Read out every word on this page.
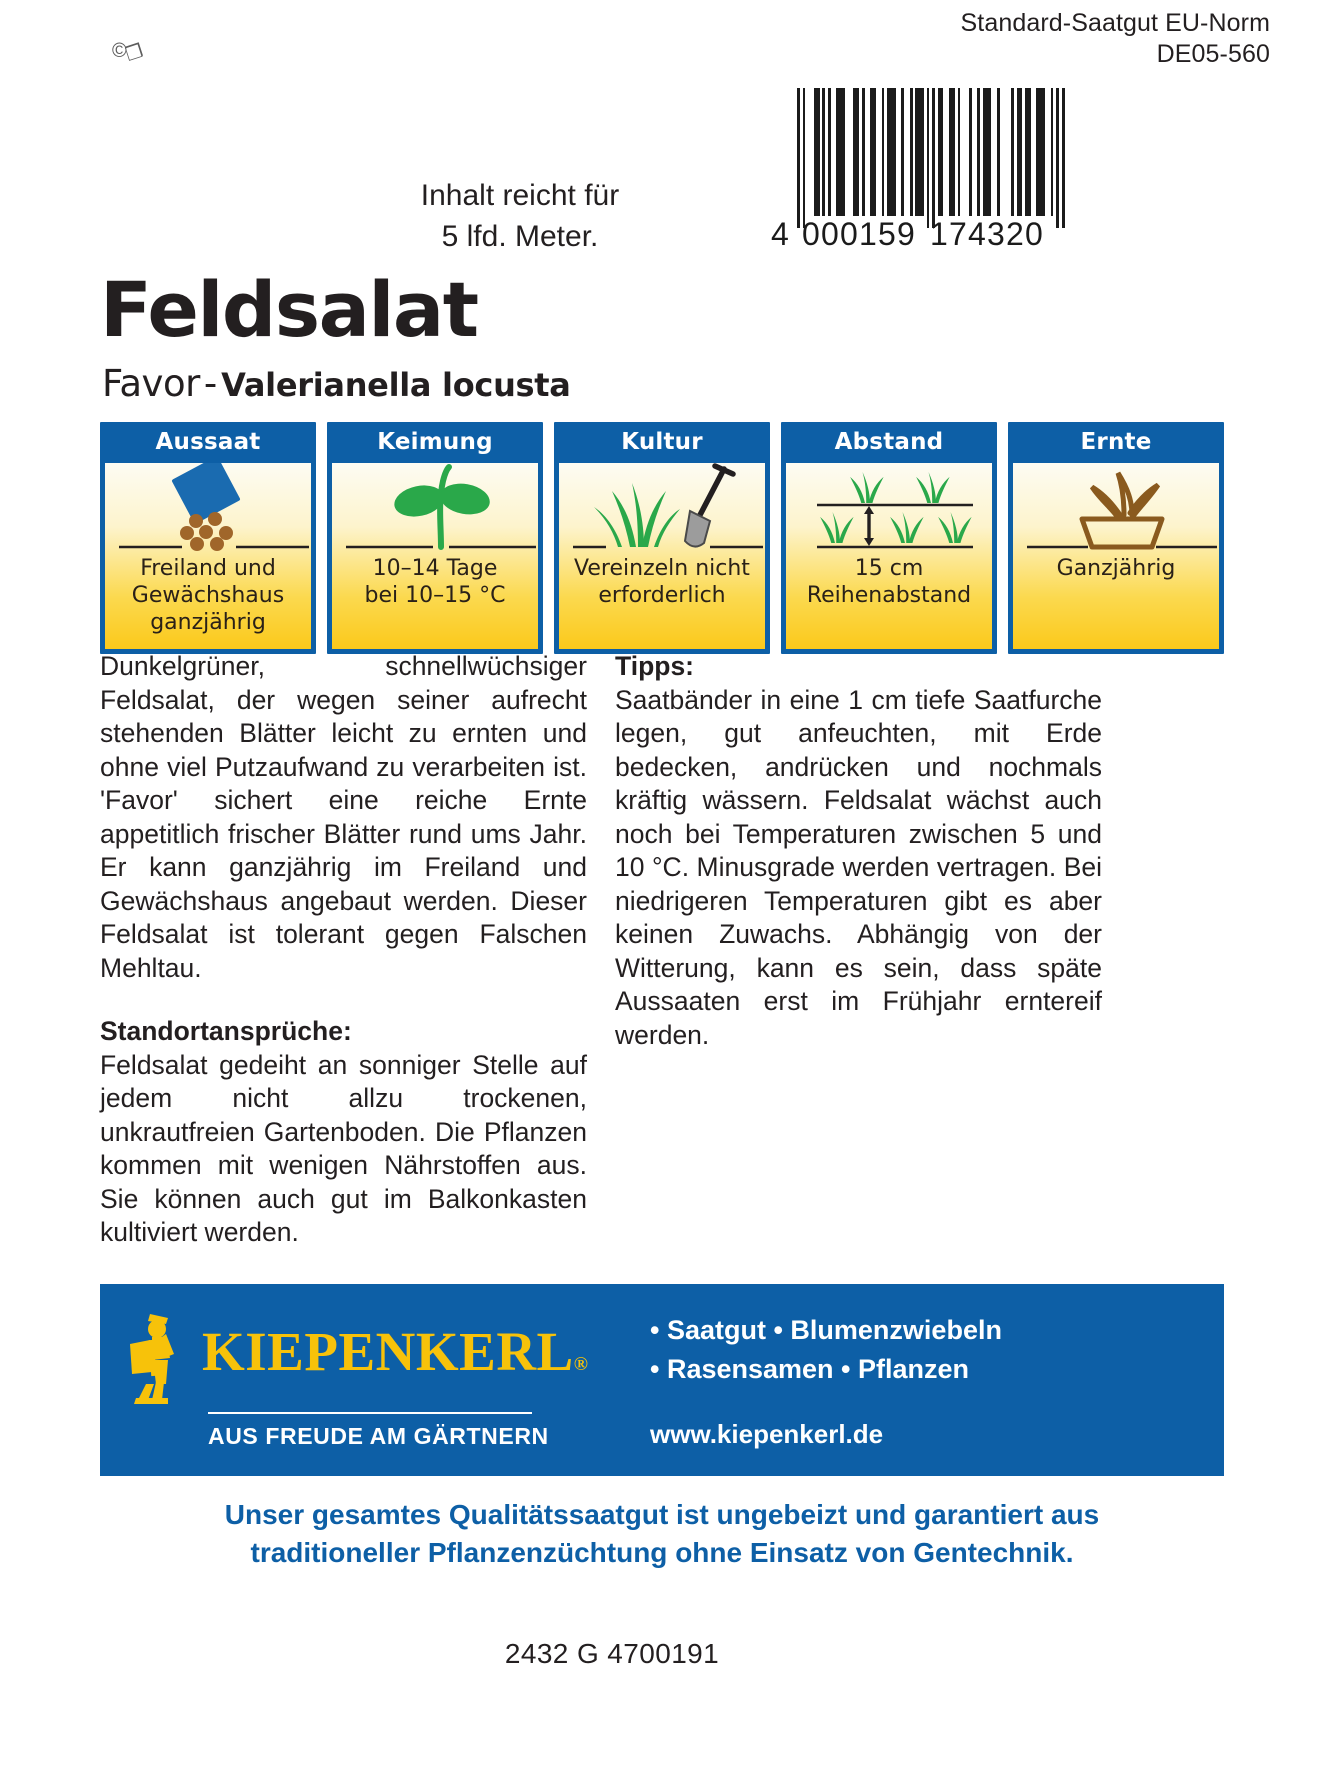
Standard-Saatgut EU-Norm
DE05-560
©❒
4 000159 174320
Inhalt reicht für
5 lfd. Meter.
Feldsalat
Favor - Valerianella locusta
Aussaat
Freiland und
Gewächshaus
ganzjährig
Keimung
10–14 Tage
bei 10–15 °C
Kultur
Vereinzeln nicht
erforderlich
Abstand
15 cm
Reihenabstand
Ernte
Ganzjährig

Dunkelgrüner, schnellwüchsiger Feldsalat, der wegen seiner aufrecht stehenden Blätter leicht zu ernten und ohne viel Putzaufwand zu verarbeiten ist. 'Favor' sichert eine reiche Ernte appetitlich frischer Blätter rund ums Jahr. Er kann ganzjährig im Freiland und Gewächshaus angebaut werden. Dieser Feldsalat ist tolerant gegen Falschen Mehltau.

Standortansprüche:

Feldsalat gedeiht an sonniger Stelle auf jedem nicht allzu trockenen, unkrautfreien Gartenboden. Die Pflanzen kommen mit wenigen Nährstoffen aus. Sie können auch gut im Balkonkasten kultiviert werden.

Tipps:

Saatbänder in eine 1 cm tiefe Saatfurche legen, gut anfeuchten, mit Erde bedecken, andrücken und nochmals kräftig wässern. Feldsalat wächst auch noch bei Temperaturen zwischen 5 und 10 °C. Minusgrade werden vertragen. Bei niedrigeren Temperaturen gibt es aber keinen Zuwachs. Abhängig von der Witterung, kann es sein, dass späte Aussaaten erst im Frühjahr erntereif werden.

KIEPENKERL®
AUS FREUDE AM GÄRTNERN
• Saatgut • Blumenzwiebeln
• Rasensamen • Pflanzen
www.kiepenkerl.de
Unser gesamtes Qualitätssaatgut ist ungebeizt und garantiert aus
traditioneller Pflanzenzüchtung ohne Einsatz von Gentechnik.
2432 G 4700191
